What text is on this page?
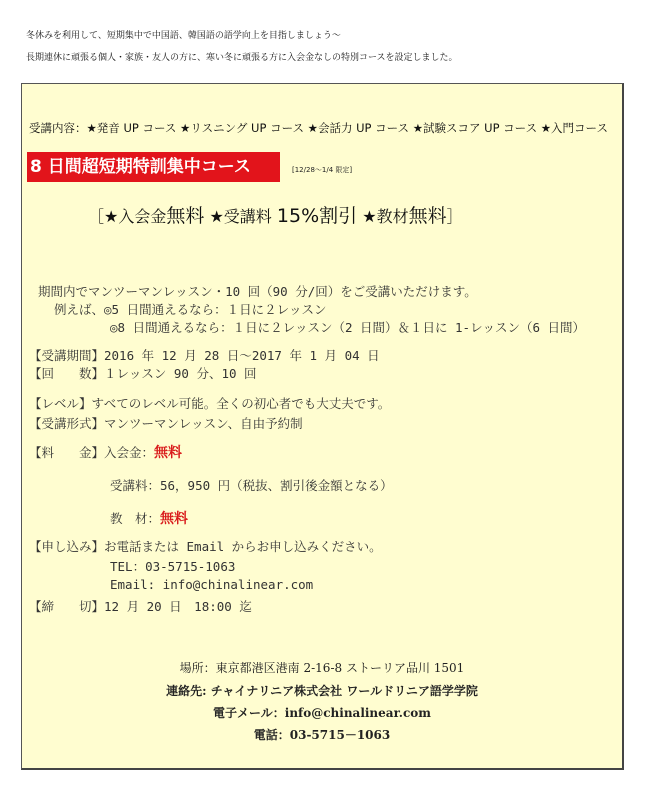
冬休みを利用して、短期集中で中国語、韓国語の語学向上を目指しましょう～
長期連休に頑張る個人・家族・友人の方に、寒い冬に頑張る方に入会金なしの特別コースを設定しました。
受講内容：★発音 UP コース ★リスニング UP コース ★会話力 UP コース ★試験スコア UP コース ★入門コース
8 日間超短期特訓集中コース	[12/28～1/4 限定]
［★入会金無料 ★受講料 15%割引 ★教材無料］
期間内でマンツーマンレッスン・10 回（90 分/回）をご受講いただけます。
例えば、◎5 日間通えるなら：１日に２レッスン
◎8 日間通えるなら：１日に２レッスン（2 日間）＆１日に 1-レッスン（6 日間）
【受講期間】2016 年 12 月 28 日～2017 年 1 月 04 日
【回　　数】１レッスン 90 分、10 回
【レベル】すべてのレベル可能。全くの初心者でも大丈夫です。
【受講形式】マンツーマンレッスン、自由予約制
【料　　金】入会金：無料
受講料：56，950 円（税抜、割引後金額となる）
教　材：無料
【申し込み】お電話または Email からお申し込みください。
TEL：03-5715-1063
Email: info@chinalinear.com
【締　　切】12 月 20 日　18:00 迄
場所：東京都港区港南 2-16-8 ストーリア品川 1501
連絡先: チャイナリニア株式会社 ワールドリニア語学学院
電子メール：info@chinalinear.com
電話：03-5715－1063
